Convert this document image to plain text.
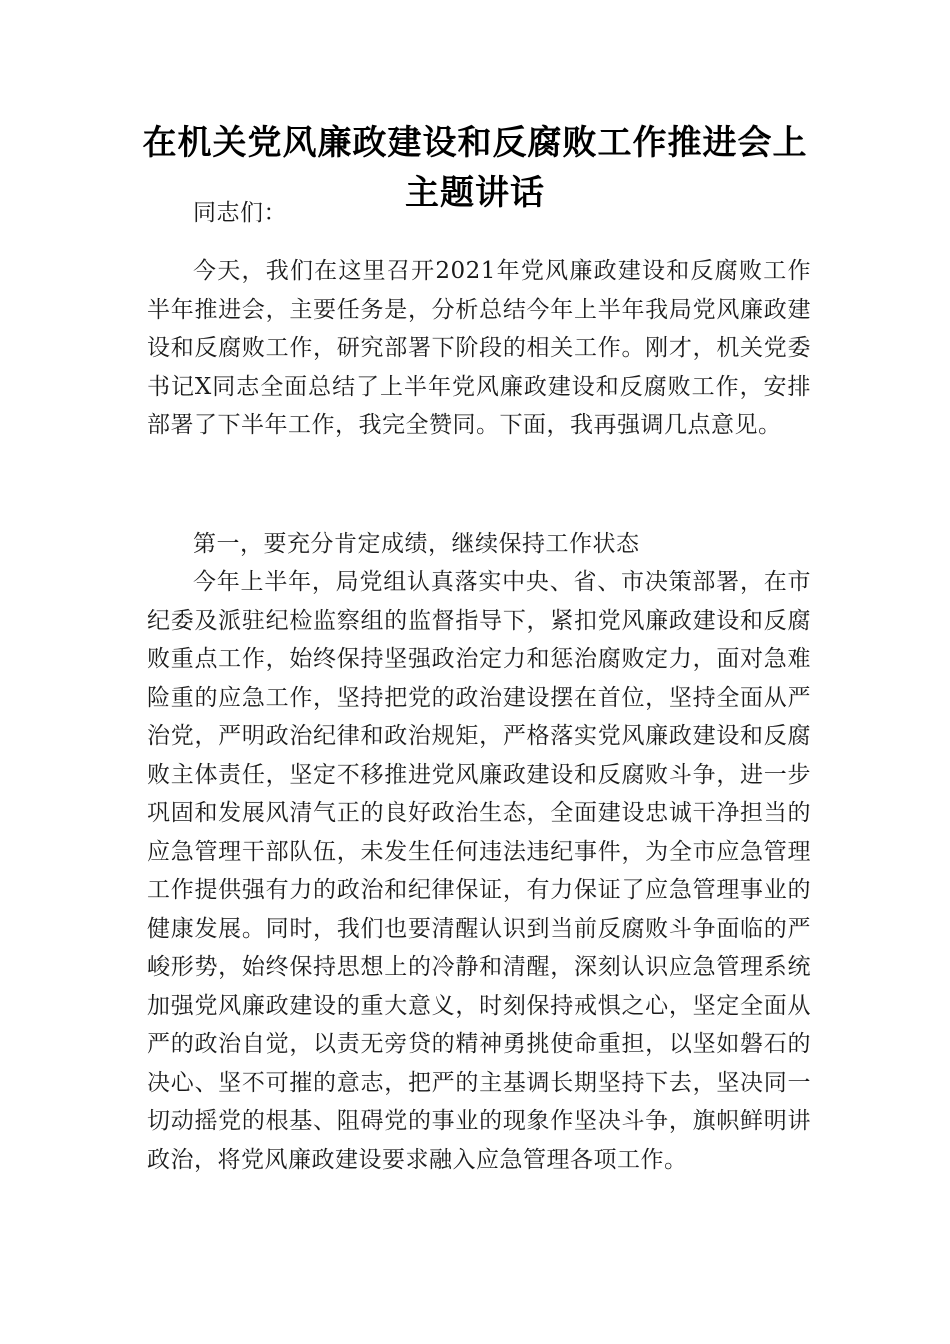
在机关党风廉政建设和反腐败工作推进会上
主题讲话

同志们：

今天，我们在这里召开2021年党风廉政建设和反腐败工作半年推进会，主要任务是，分析总结今年上半年我局党风廉政建设和反腐败工作，研究部署下阶段的相关工作。刚才，机关党委书记X同志全面总结了上半年党风廉政建设和反腐败工作，安排部署了下半年工作，我完全赞同。下面，我再强调几点意见。

第一，要充分肯定成绩，继续保持工作状态

今年上半年，局党组认真落实中央、省、市决策部署，在市纪委及派驻纪检监察组的监督指导下，紧扣党风廉政建设和反腐败重点工作，始终保持坚强政治定力和惩治腐败定力，面对急难险重的应急工作，坚持把党的政治建设摆在首位，坚持全面从严治党，严明政治纪律和政治规矩，严格落实党风廉政建设和反腐败主体责任，坚定不移推进党风廉政建设和反腐败斗争，进一步巩固和发展风清气正的良好政治生态，全面建设忠诚干净担当的应急管理干部队伍，未发生任何违法违纪事件，为全市应急管理工作提供强有力的政治和纪律保证，有力保证了应急管理事业的健康发展。同时，我们也要清醒认识到当前反腐败斗争面临的严峻形势，始终保持思想上的冷静和清醒，深刻认识应急管理系统加强党风廉政建设的重大意义，时刻保持戒惧之心，坚定全面从严的政治自觉，以责无旁贷的精神勇挑使命重担，以坚如磐石的决心、坚不可摧的意志，把严的主基调长期坚持下去，坚决同一切动摇党的根基、阻碍党的事业的现象作坚决斗争，旗帜鲜明讲政治，将党风廉政建设要求融入应急管理各项工作。
